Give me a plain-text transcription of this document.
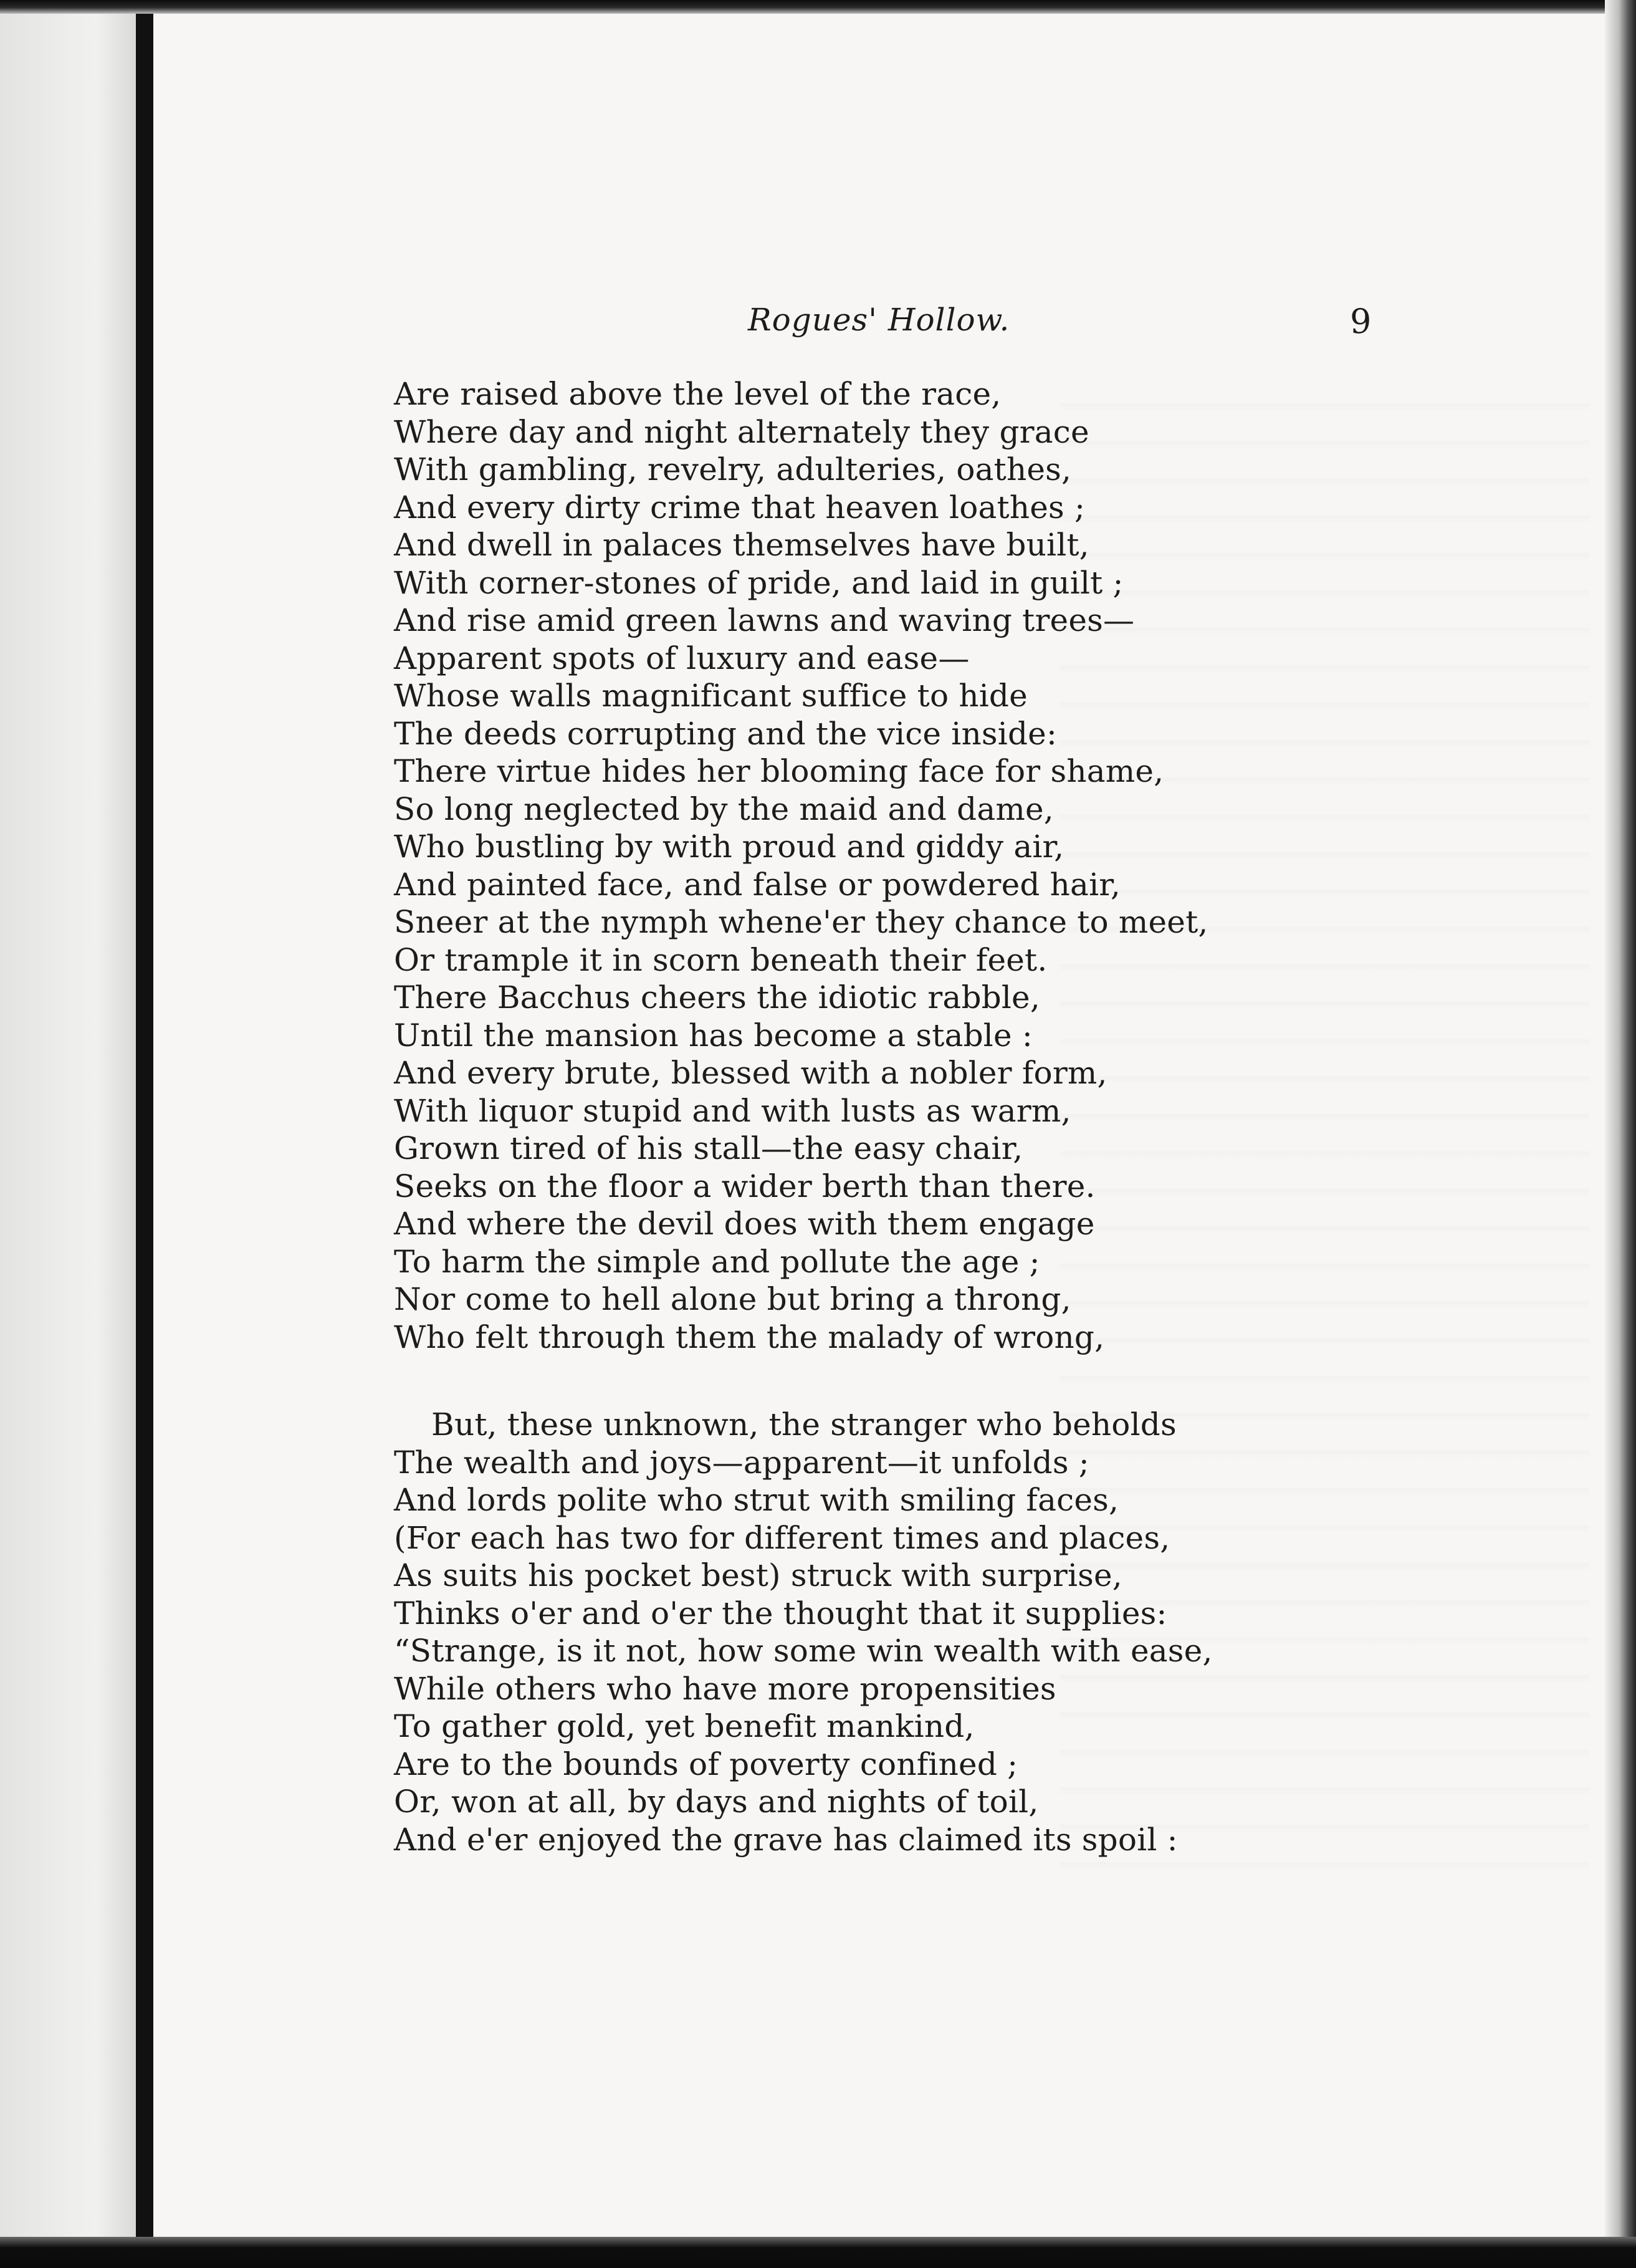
Rogues' Hollow.	9
Are raised above the level of the race,
Where day and night alternately they grace
With gambling, revelry, adulteries, oathes,
And every dirty crime that heaven loathes ;
And dwell in palaces themselves have built,
With corner-stones of pride, and laid in guilt ;
And rise amid green lawns and waving trees—
Apparent spots of luxury and ease—
Whose walls magnificant suffice to hide
The deeds corrupting and the vice inside:
There virtue hides her blooming face for shame,
So long neglected by the maid and dame,
Who bustling by with proud and giddy air,
And painted face, and false or powdered hair,
Sneer at the nymph whene'er they chance to meet,
Or trample it in scorn beneath their feet.
There Bacchus cheers the idiotic rabble,
Until the mansion has become a stable :
And every brute, blessed with a nobler form,
With liquor stupid and with lusts as warm,
Grown tired of his stall—the easy chair,
Seeks on the floor a wider berth than there.
And where the devil does with them engage
To harm the simple and pollute the age ;
Nor come to hell alone but bring a throng,
Who felt through them the malady of wrong,
But, these unknown, the stranger who beholds
The wealth and joys—apparent—it unfolds ;
And lords polite who strut with smiling faces,
(For each has two for different times and places,
As suits his pocket best) struck with surprise,
Thinks o'er and o'er the thought that it supplies:
“Strange, is it not, how some win wealth with ease,
While others who have more propensities
To gather gold, yet benefit mankind,
Are to the bounds of poverty confined ;
Or, won at all, by days and nights of toil,
And e'er enjoyed the grave has claimed its spoil :
